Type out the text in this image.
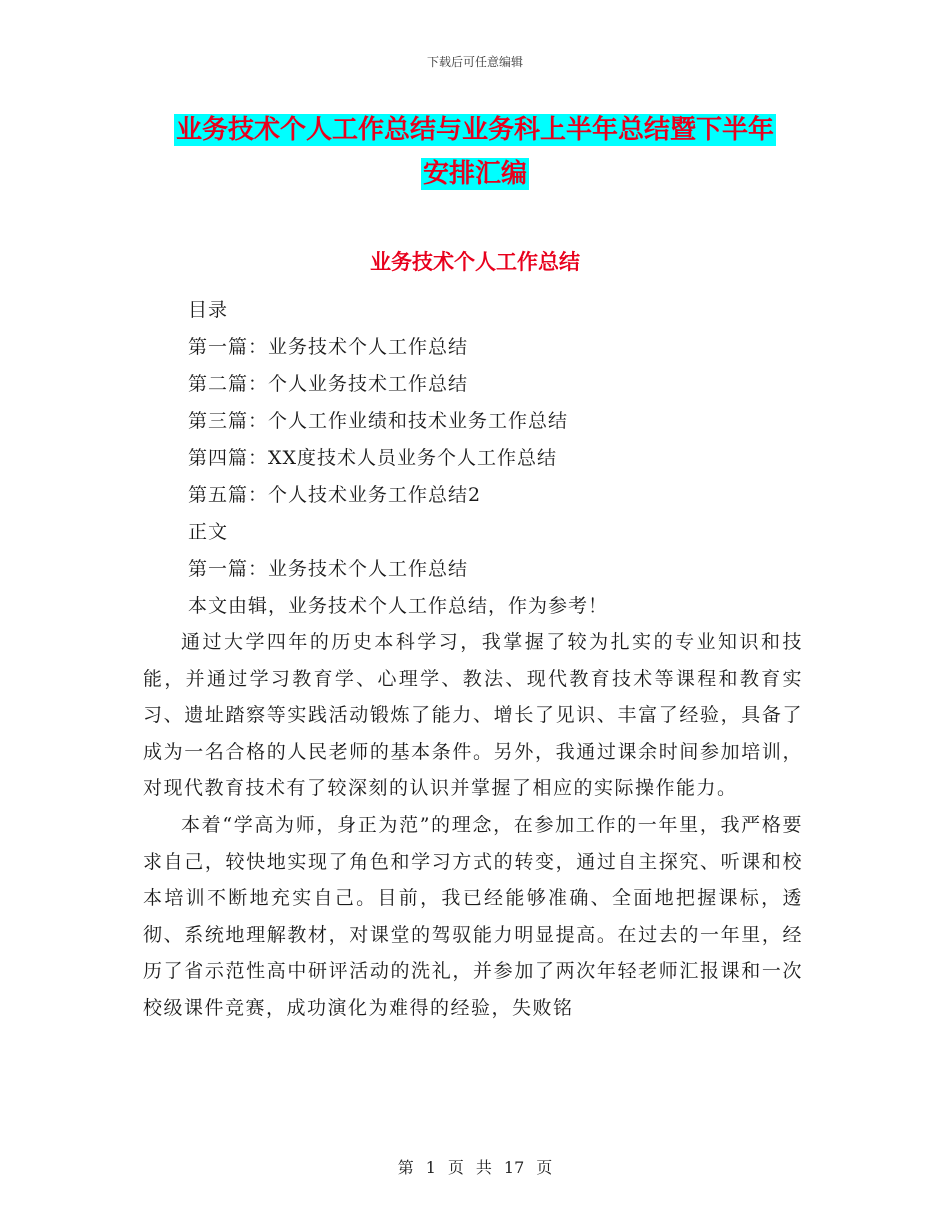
下载后可任意编辑
业务技术个人工作总结与业务科上半年总结暨下半年
安排汇编
业务技术个人工作总结
目录
第一篇：业务技术个人工作总结
第二篇：个人业务技术工作总结
第三篇：个人工作业绩和技术业务工作总结
第四篇：XX度技术人员业务个人工作总结
第五篇：个人技术业务工作总结2
正文
第一篇：业务技术个人工作总结
本文由辑，业务技术个人工作总结，作为参考！

通过大学四年的历史本科学习，我掌握了较为扎实的专业知识和技能，并通过学习教育学、心理学、教法、现代教育技术等课程和教育实习、遗址踏察等实践活动锻炼了能力、增长了见识、丰富了经验，具备了成为一名合格的人民老师的基本条件。另外，我通过课余时间参加培训，对现代教育技术有了较深刻的认识并掌握了相应的实际操作能力。

本着“学高为师，身正为范”的理念，在参加工作的一年里，我严格要求自己，较快地实现了角色和学习方式的转变，通过自主探究、听课和校本培训不断地充实自己。目前，我已经能够准确、全面地把握课标，透彻、系统地理解教材，对课堂的驾驭能力明显提高。在过去的一年里，经历了省示范性高中研评活动的洗礼，并参加了两次年轻老师汇报课和一次校级课件竞赛，成功演化为难得的经验，失败铭

第 1 页 共 17 页
